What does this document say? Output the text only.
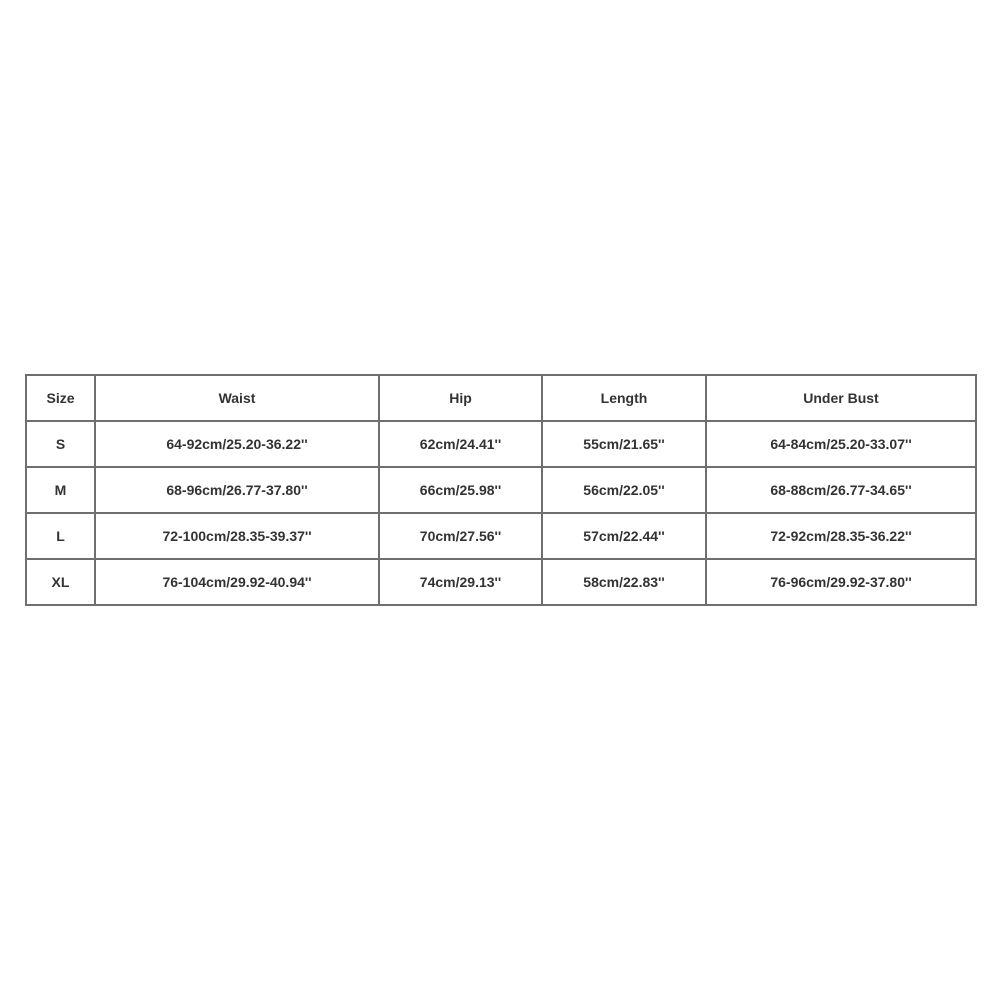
Size	Waist	Hip	Length	Under Bust
S	64-92cm/25.20-36.22''	62cm/24.41''	55cm/21.65''	64-84cm/25.20-33.07''
M	68-96cm/26.77-37.80''	66cm/25.98''	56cm/22.05''	68-88cm/26.77-34.65''
L	72-100cm/28.35-39.37''	70cm/27.56''	57cm/22.44''	72-92cm/28.35-36.22''
XL	76-104cm/29.92-40.94''	74cm/29.13''	58cm/22.83''	76-96cm/29.92-37.80''
